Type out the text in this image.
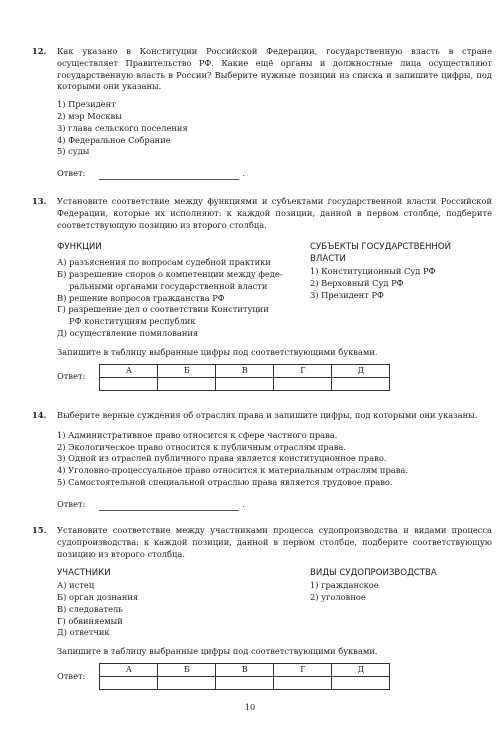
12. Как указано в Конституции Российской Федерации, государственную власть в стране осуществляет Правительство РФ. Какие ещё органы и должностные лица осуществляют государственную власть в России? Выберите нужные позиции из списка и запишите цифры, под которыми они указаны.
1) Президент
2) мэр Москвы
3) глава сельского поселения
4) Федеральное Собрание
5) суды
Ответ:	.
13. Установите соответствие между функциями и субъектами государственной власти Российской Федерации, которые их исполняют: к каждой позиции, данной в первом столбце, подберите соответствующую позицию из второго столбца.
ФУНКЦИИ
А) разъяснения по вопросам судебной практики
Б) разрешение споров о компетенции между феде-
ральными органами государственной власти
В) решение вопросов гражданства РФ
Г) разрешение дел о соответствии Конституции
РФ конституциям республик
Д) осуществление помилования
СУБЪЕКТЫ ГОСУДАРСТВЕННОЙ
ВЛАСТИ
1) Конституционный Суд РФ
2) Верховный Суд РФ
3) Президент РФ
Запишите в таблицу выбранные цифры под соответствующими буквами.
Ответ:
А	Б	В	Г	Д

14. Выберите верные суждения об отраслях права и запишите цифры, под которыми они указаны.
1) Административное право относится к сфере частного права.
2) Экологическое право относится к публичным отраслям права.
3) Одной из отраслей публичного права является конституционное право.
4) Уголовно-процессуальное право относится к материальным отраслям права.
5) Самостоятельной специальной отраслью права является трудовое право.
Ответ:	.
15. Установите соответствие между участниками процесса судопроизводства и видами процесса судопроизводства: к каждой позиции, данной в первом столбце, подберите соответствующую позицию из второго столбца.
УЧАСТНИКИ
А) истец
Б) орган дознания
В) следователь
Г) обвиняемый
Д) ответчик
ВИДЫ СУДОПРОИЗВОДСТВА
1) гражданское
2) уголовное
Запишите в таблицу выбранные цифры под соответствующими буквами.
Ответ:
А	Б	В	Г	Д

10
